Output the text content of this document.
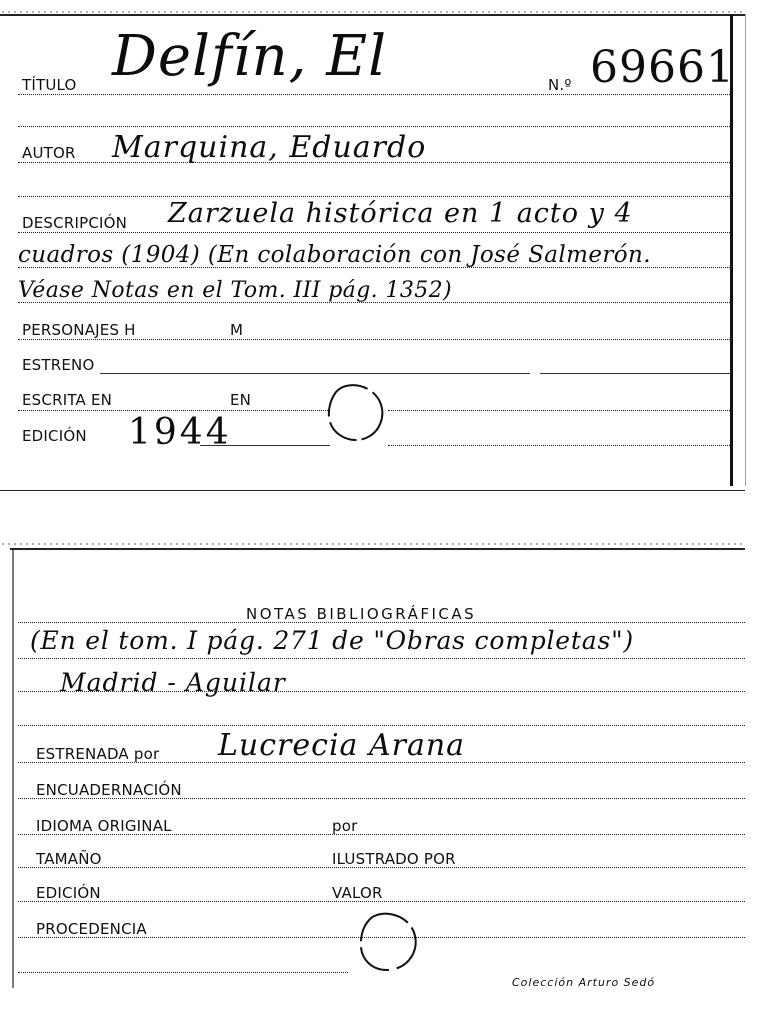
TÍTULO Delfín, El	N.º 69661
AUTOR Marquina, Eduardo
DESCRIPCIÓN Zarzuela histórica en 1 acto y 4
cuadros (1904) (En colaboración con José Salmerón.
Véase Notas en el Tom. III pág. 1352)
PERSONAJES H	M
ESTRENO
ESCRITA EN	EN
EDICIÓN 1944
NOTAS BIBLIOGRÁFICAS
(En el tom. I pág. 271 de "Obras completas")
Madrid - Aguilar
ESTRENADA por Lucrecia Arana
ENCUADERNACIÓN
IDIOMA ORIGINAL	por
TAMAÑO	ILUSTRADO POR
EDICIÓN	VALOR
PROCEDENCIA
Colección Arturo Sedó
